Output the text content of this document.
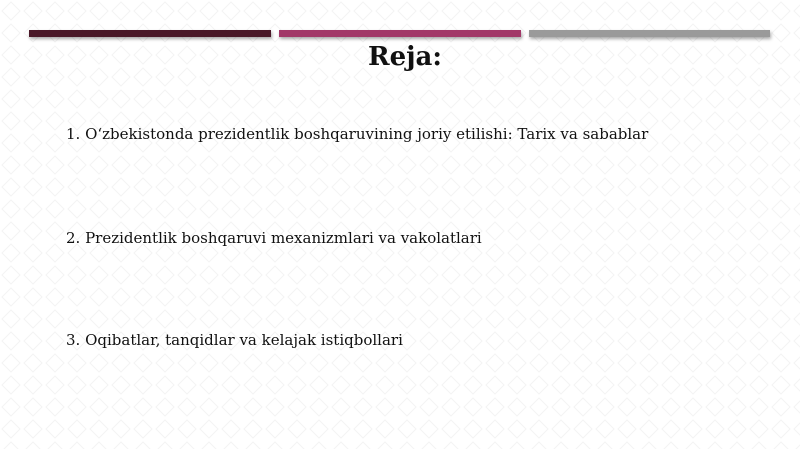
Reja:
1. Oʻzbekistonda prezidentlik boshqaruvining joriy etilishi: Tarix va sabablar
2. Prezidentlik boshqaruvi mexanizmlari va vakolatlari
3. Oqibatlar, tanqidlar va kelajak istiqbollari
